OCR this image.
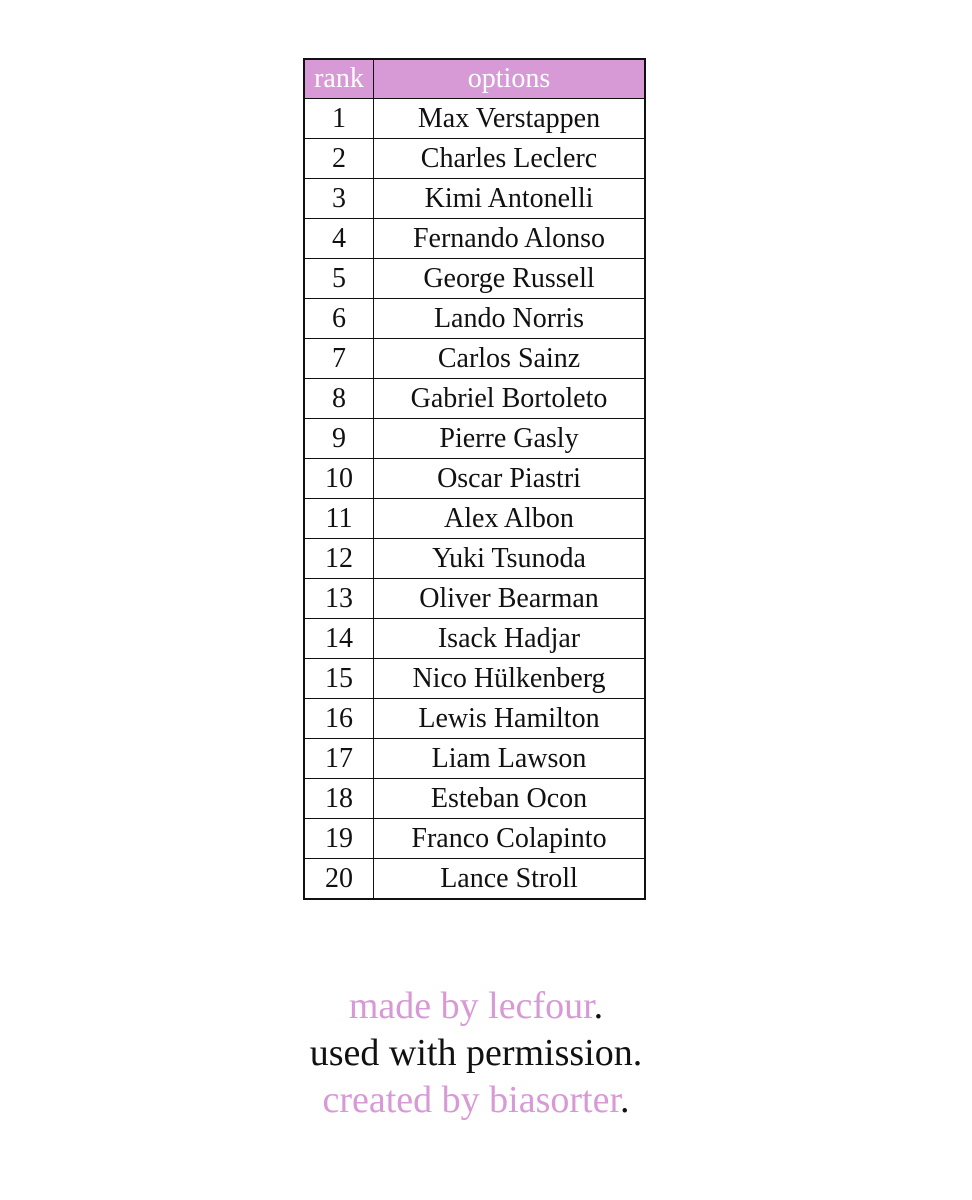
rank	options
1	Max Verstappen
2	Charles Leclerc
3	Kimi Antonelli
4	Fernando Alonso
5	George Russell
6	Lando Norris
7	Carlos Sainz
8	Gabriel Bortoleto
9	Pierre Gasly
10	Oscar Piastri
11	Alex Albon
12	Yuki Tsunoda
13	Oliver Bearman
14	Isack Hadjar
15	Nico Hülkenberg
16	Lewis Hamilton
17	Liam Lawson
18	Esteban Ocon
19	Franco Colapinto
20	Lance Stroll
made by lecfour.
used with permission.
created by biasorter.
